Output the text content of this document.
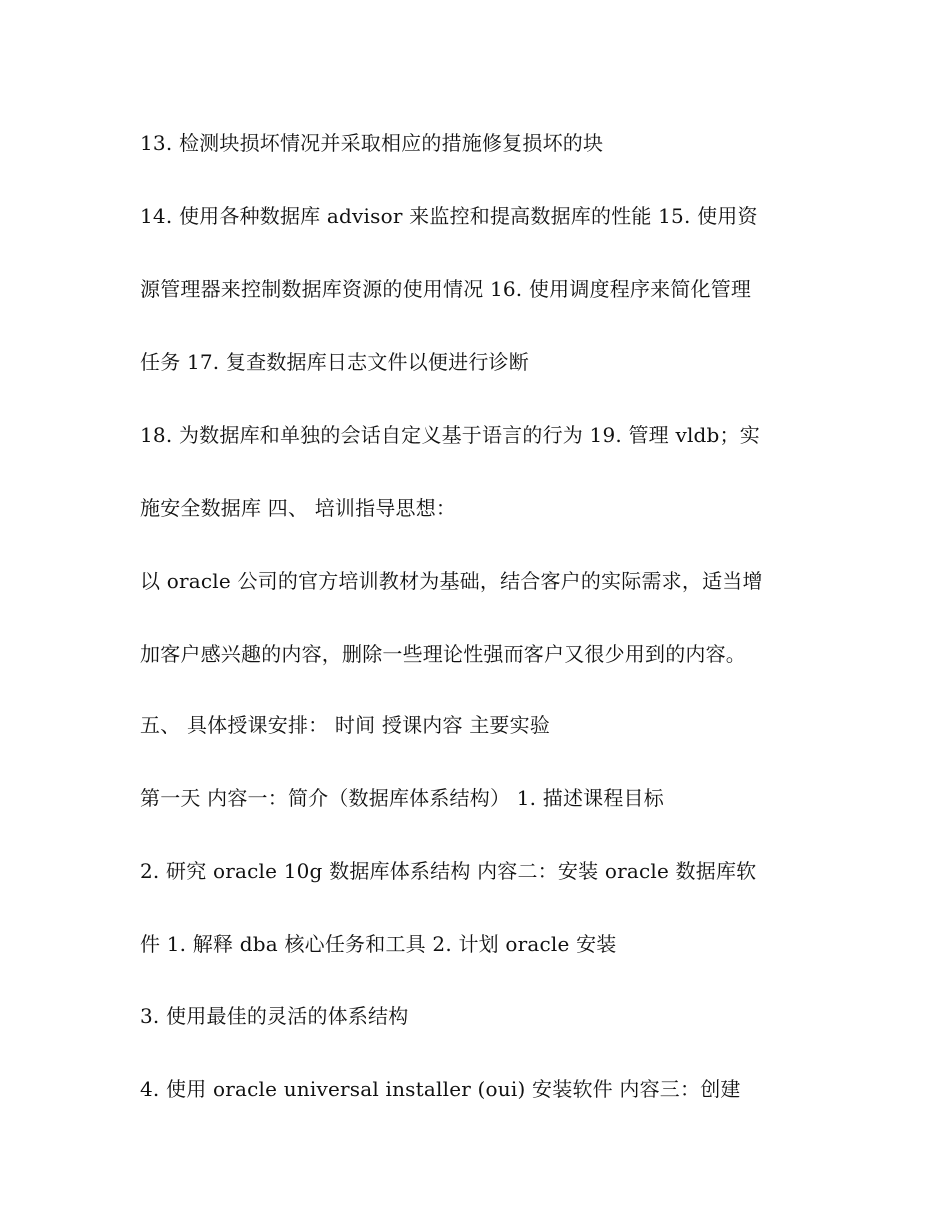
13. 检测块损坏情况并采取相应的措施修复损坏的块
14. 使用各种数据库 advisor 来监控和提高数据库的性能 15. 使用资
源管理器来控制数据库资源的使用情况 16. 使用调度程序来简化管理
任务 17. 复查数据库日志文件以便进行诊断
18. 为数据库和单独的会话自定义基于语言的行为 19. 管理 vldb；实
施安全数据库 四、 培训指导思想：
以 oracle 公司的官方培训教材为基础，结合客户的实际需求，适当增
加客户感兴趣的内容，删除一些理论性强而客户又很少用到的内容。
五、 具体授课安排： 时间 授课内容 主要实验
第一天 内容一：简介（数据库体系结构） 1. 描述课程目标
2. 研究 oracle 10g 数据库体系结构 内容二：安装 oracle 数据库软
件 1. 解释 dba 核心任务和工具 2. 计划 oracle 安装
3. 使用最佳的灵活的体系结构
4. 使用 oracle universal installer (oui) 安装软件 内容三：创建
